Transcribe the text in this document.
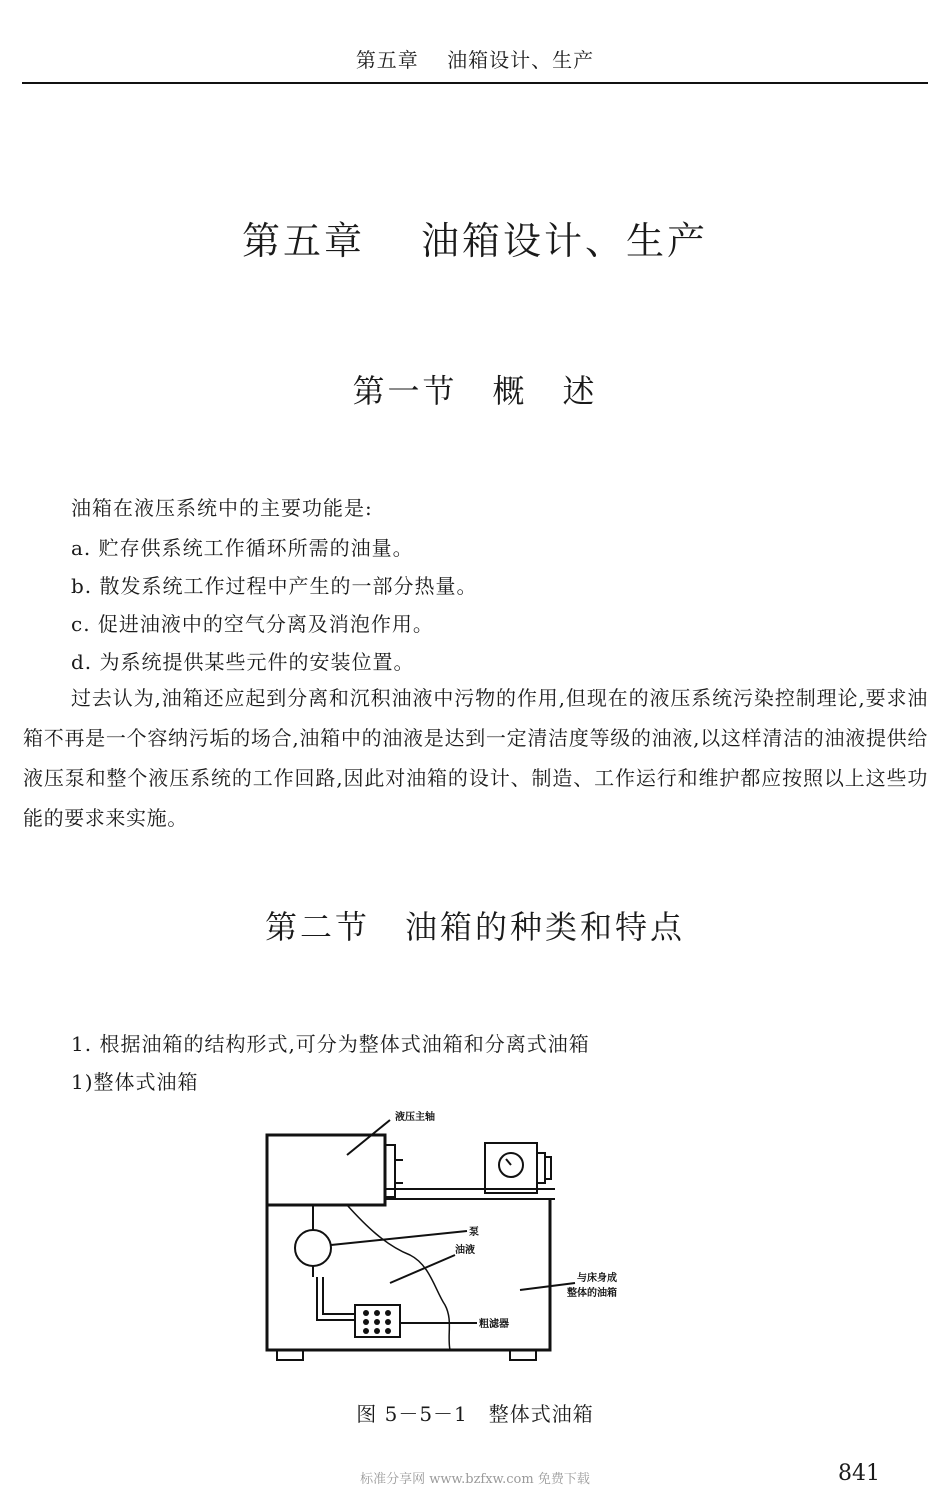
第五章　 油箱设计、生产
第五章　 油箱设计、生产
第一节　概　述
油箱在液压系统中的主要功能是:
a. 贮存供系统工作循环所需的油量。
b. 散发系统工作过程中产生的一部分热量。
c. 促进油液中的空气分离及消泡作用。
d. 为系统提供某些元件的安装位置。

过去认为,油箱还应起到分离和沉积油液中污物的作用,但现在的液压系统污染控制理论,要求油箱不再是一个容纳污垢的场合,油箱中的油液是达到一定清洁度等级的油液,以这样清洁的油液提供给液压泵和整个液压系统的工作回路,因此对油箱的设计、制造、工作运行和维护都应按照以上这些功能的要求来实施。

第二节　油箱的种类和特点
1. 根据油箱的结构形式,可分为整体式油箱和分离式油箱
1)整体式油箱
液压主轴
泵
油液
与床身成
整体的油箱
粗滤器
图 5－5－1　整体式油箱
标准分享网 www.bzfxw.com 免费下载	841
